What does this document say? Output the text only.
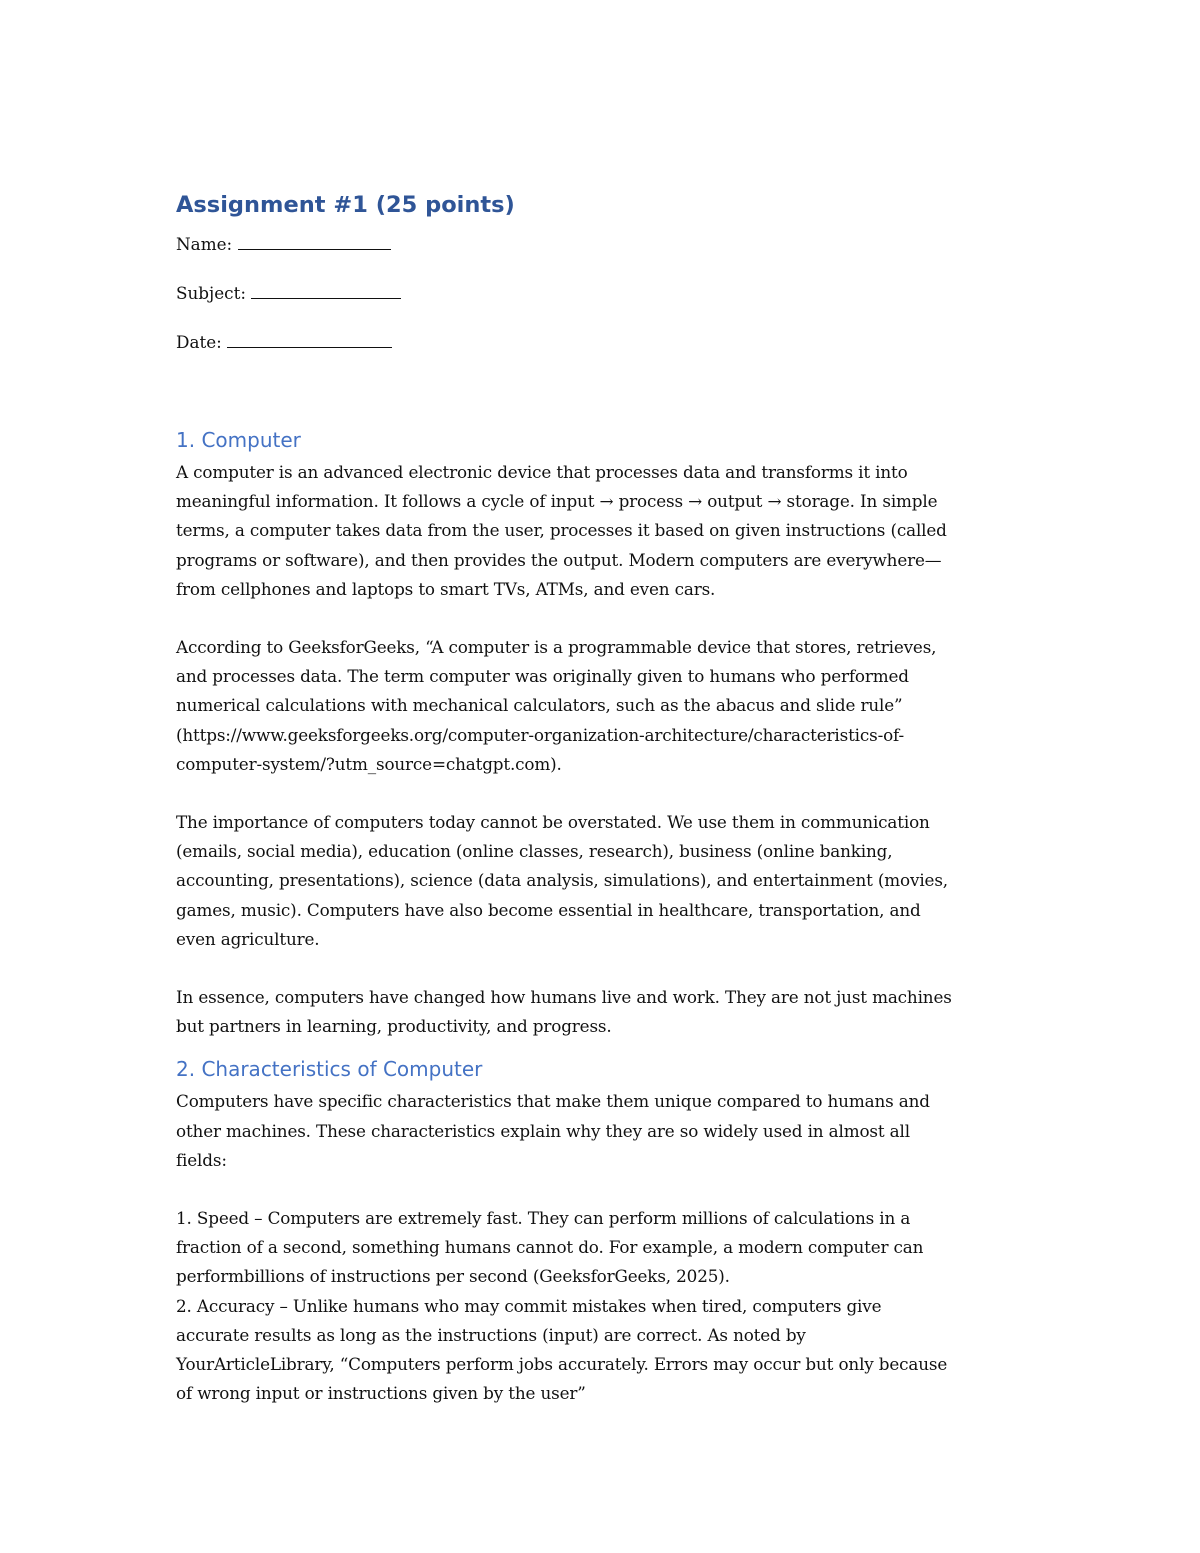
Assignment #1 (25 points)
Name:
Subject:
Date:
1. Computer
A computer is an advanced electronic device that processes data and transforms it into
meaningful information. It follows a cycle of input → process → output → storage. In simple
terms, a computer takes data from the user, processes it based on given instructions (called
programs or software), and then provides the output. Modern computers are everywhere—
from cellphones and laptops to smart TVs, ATMs, and even cars.
According to GeeksforGeeks, “A computer is a programmable device that stores, retrieves,
and processes data. The term computer was originally given to humans who performed
numerical calculations with mechanical calculators, such as the abacus and slide rule”
(https://www.geeksforgeeks.org/computer-organization-architecture/characteristics-of-
computer-system/?utm_source=chatgpt.com).
The importance of computers today cannot be overstated. We use them in communication
(emails, social media), education (online classes, research), business (online banking,
accounting, presentations), science (data analysis, simulations), and entertainment (movies,
games, music). Computers have also become essential in healthcare, transportation, and
even agriculture.
In essence, computers have changed how humans live and work. They are not just machines
but partners in learning, productivity, and progress.
2. Characteristics of Computer
Computers have specific characteristics that make them unique compared to humans and
other machines. These characteristics explain why they are so widely used in almost all
fields:
1. Speed – Computers are extremely fast. They can perform millions of calculations in a
fraction of a second, something humans cannot do. For example, a modern computer can
performbillions of instructions per second (GeeksforGeeks, 2025).
2. Accuracy – Unlike humans who may commit mistakes when tired, computers give
accurate results as long as the instructions (input) are correct. As noted by
YourArticleLibrary, “Computers perform jobs accurately. Errors may occur but only because
of wrong input or instructions given by the user”
